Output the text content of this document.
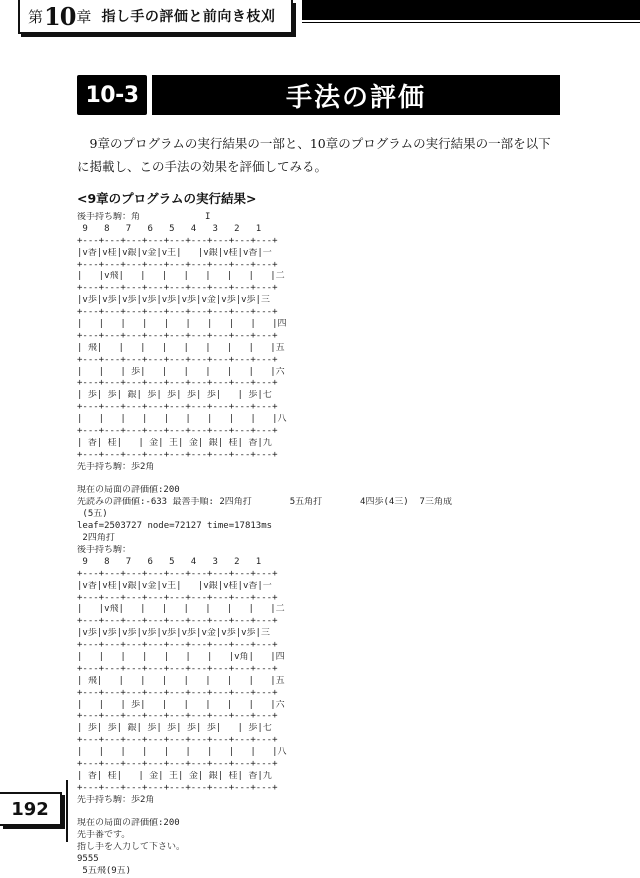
第 10 章 指し手の評価と前向き枝刈
10-3	手法の評価

9章のプログラムの実行結果の一部と、10章のプログラムの実行結果の一部を以下に掲載し、この手法の効果を評価してみる。

<9章のプログラムの実行結果>

後手持ち駒：角            I
9   8   7   6   5   4   3   2   1
+---+---+---+---+---+---+---+---+---+
|v香|v桂|v銀|v金|v王|   |v銀|v桂|v香|一
+---+---+---+---+---+---+---+---+---+
|   |v飛|   |   |   |   |   |   |   |二
+---+---+---+---+---+---+---+---+---+
|v歩|v歩|v歩|v歩|v歩|v歩|v金|v歩|v歩|三
+---+---+---+---+---+---+---+---+---+
|   |   |   |   |   |   |   |   |   |四
+---+---+---+---+---+---+---+---+---+
| 飛|   |   |   |   |   |   |   |   |五
+---+---+---+---+---+---+---+---+---+
|   |   | 歩|   |   |   |   |   |   |六
+---+---+---+---+---+---+---+---+---+
| 歩| 歩| 銀| 歩| 歩| 歩| 歩|   | 歩|七
+---+---+---+---+---+---+---+---+---+
|   |   |   |   |   |   |   |   |   |八
+---+---+---+---+---+---+---+---+---+
| 香| 桂|   | 金| 王| 金| 銀| 桂| 香|九
+---+---+---+---+---+---+---+---+---+
先手持ち駒：歩2角

現在の局面の評価値:200
先読みの評価値:-633 最善手順: 2四角打       5五角打       4四歩(4三)  7三角成
(5五)
leaf=2503727 node=72127 time=17813ms
2四角打
後手持ち駒：
9   8   7   6   5   4   3   2   1
+---+---+---+---+---+---+---+---+---+
|v香|v桂|v銀|v金|v王|   |v銀|v桂|v香|一
+---+---+---+---+---+---+---+---+---+
|   |v飛|   |   |   |   |   |   |   |二
+---+---+---+---+---+---+---+---+---+
|v歩|v歩|v歩|v歩|v歩|v歩|v金|v歩|v歩|三
+---+---+---+---+---+---+---+---+---+
|   |   |   |   |   |   |   |v角|   |四
+---+---+---+---+---+---+---+---+---+
| 飛|   |   |   |   |   |   |   |   |五
+---+---+---+---+---+---+---+---+---+
|   |   | 歩|   |   |   |   |   |   |六
+---+---+---+---+---+---+---+---+---+
| 歩| 歩| 銀| 歩| 歩| 歩| 歩|   | 歩|七
+---+---+---+---+---+---+---+---+---+
|   |   |   |   |   |   |   |   |   |八
+---+---+---+---+---+---+---+---+---+
| 香| 桂|   | 金| 王| 金| 銀| 桂| 香|九
+---+---+---+---+---+---+---+---+---+
先手持ち駒：歩2角

現在の局面の評価値:200
先手番です。
指し手を入力して下さい。
9555
5五飛(9五)
192
